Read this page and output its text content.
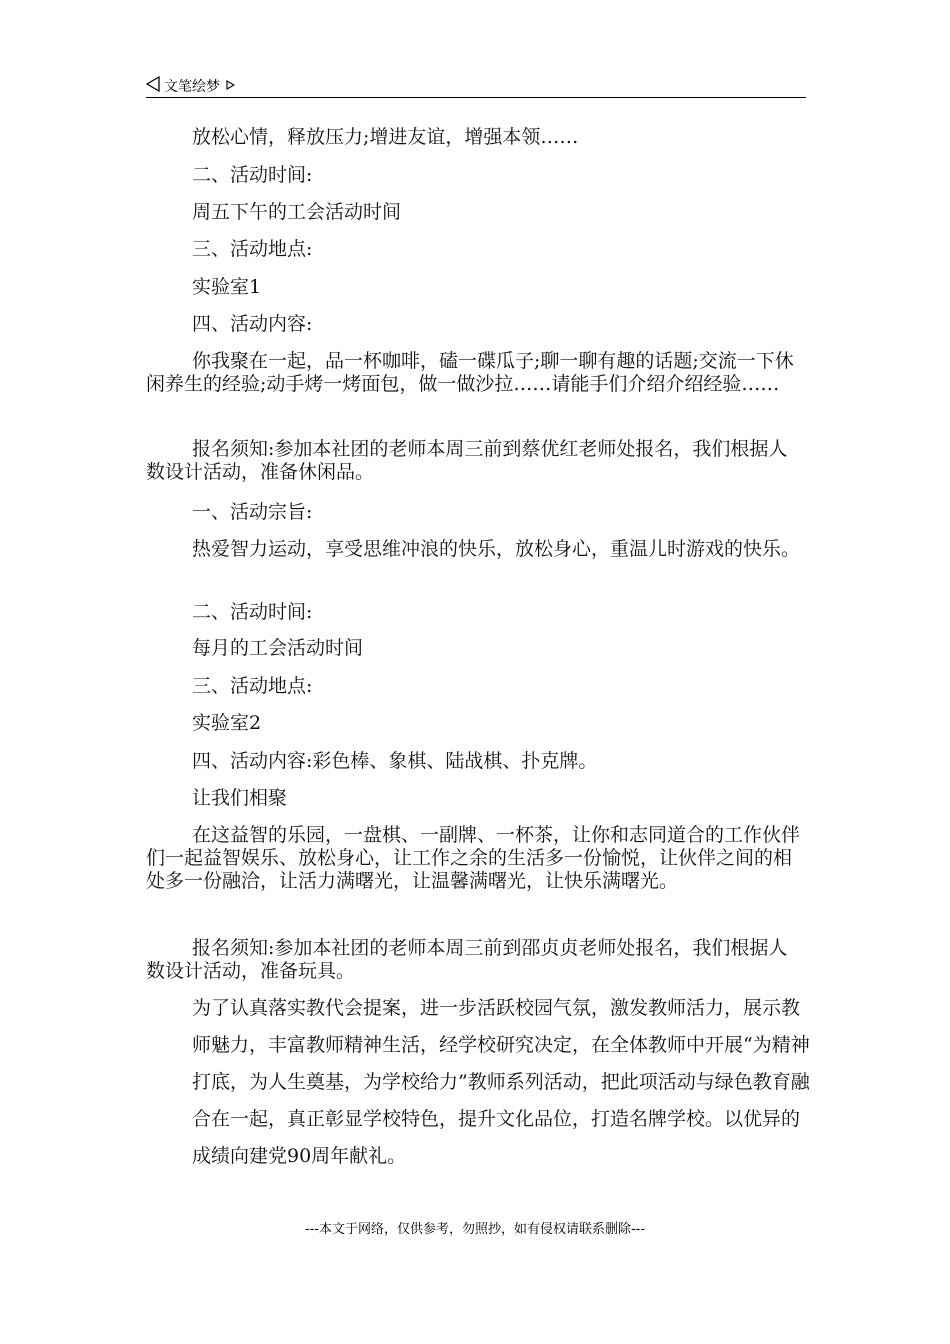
文笔绘梦
放松心情，释放压力;增进友谊，增强本领……
二、活动时间:
周五下午的工会活动时间
三、活动地点:
实验室1
四、活动内容:
你我聚在一起，品一杯咖啡，磕一碟瓜子;聊一聊有趣的话题;交流一下休闲养生的经验;动手烤一烤面包，做一做沙拉……请能手们介绍介绍经验……
报名须知:参加本社团的老师本周三前到蔡优红老师处报名，我们根据人数设计活动，准备休闲品。
一、活动宗旨:
热爱智力运动，享受思维冲浪的快乐，放松身心，重温儿时游戏的快乐。
二、活动时间:
每月的工会活动时间
三、活动地点:
实验室2
四、活动内容:彩色棒、象棋、陆战棋、扑克牌。
让我们相聚
在这益智的乐园，一盘棋、一副牌、一杯茶，让你和志同道合的工作伙伴们一起益智娱乐、放松身心，让工作之余的生活多一份愉悦，让伙伴之间的相处多一份融洽，让活力满曙光，让温馨满曙光，让快乐满曙光。
报名须知:参加本社团的老师本周三前到邵贞贞老师处报名，我们根据人数设计活动，准备玩具。
为了认真落实教代会提案，进一步活跃校园气氛，激发教师活力，展示教师魅力，丰富教师精神生活，经学校研究决定，在全体教师中开展“为精神打底，为人生奠基，为学校给力”教师系列活动，把此项活动与绿色教育融合在一起，真正彰显学校特色，提升文化品位，打造名牌学校。以优异的成绩向建党90周年献礼。
---本文于网络，仅供参考，勿照抄，如有侵权请联系删除---
